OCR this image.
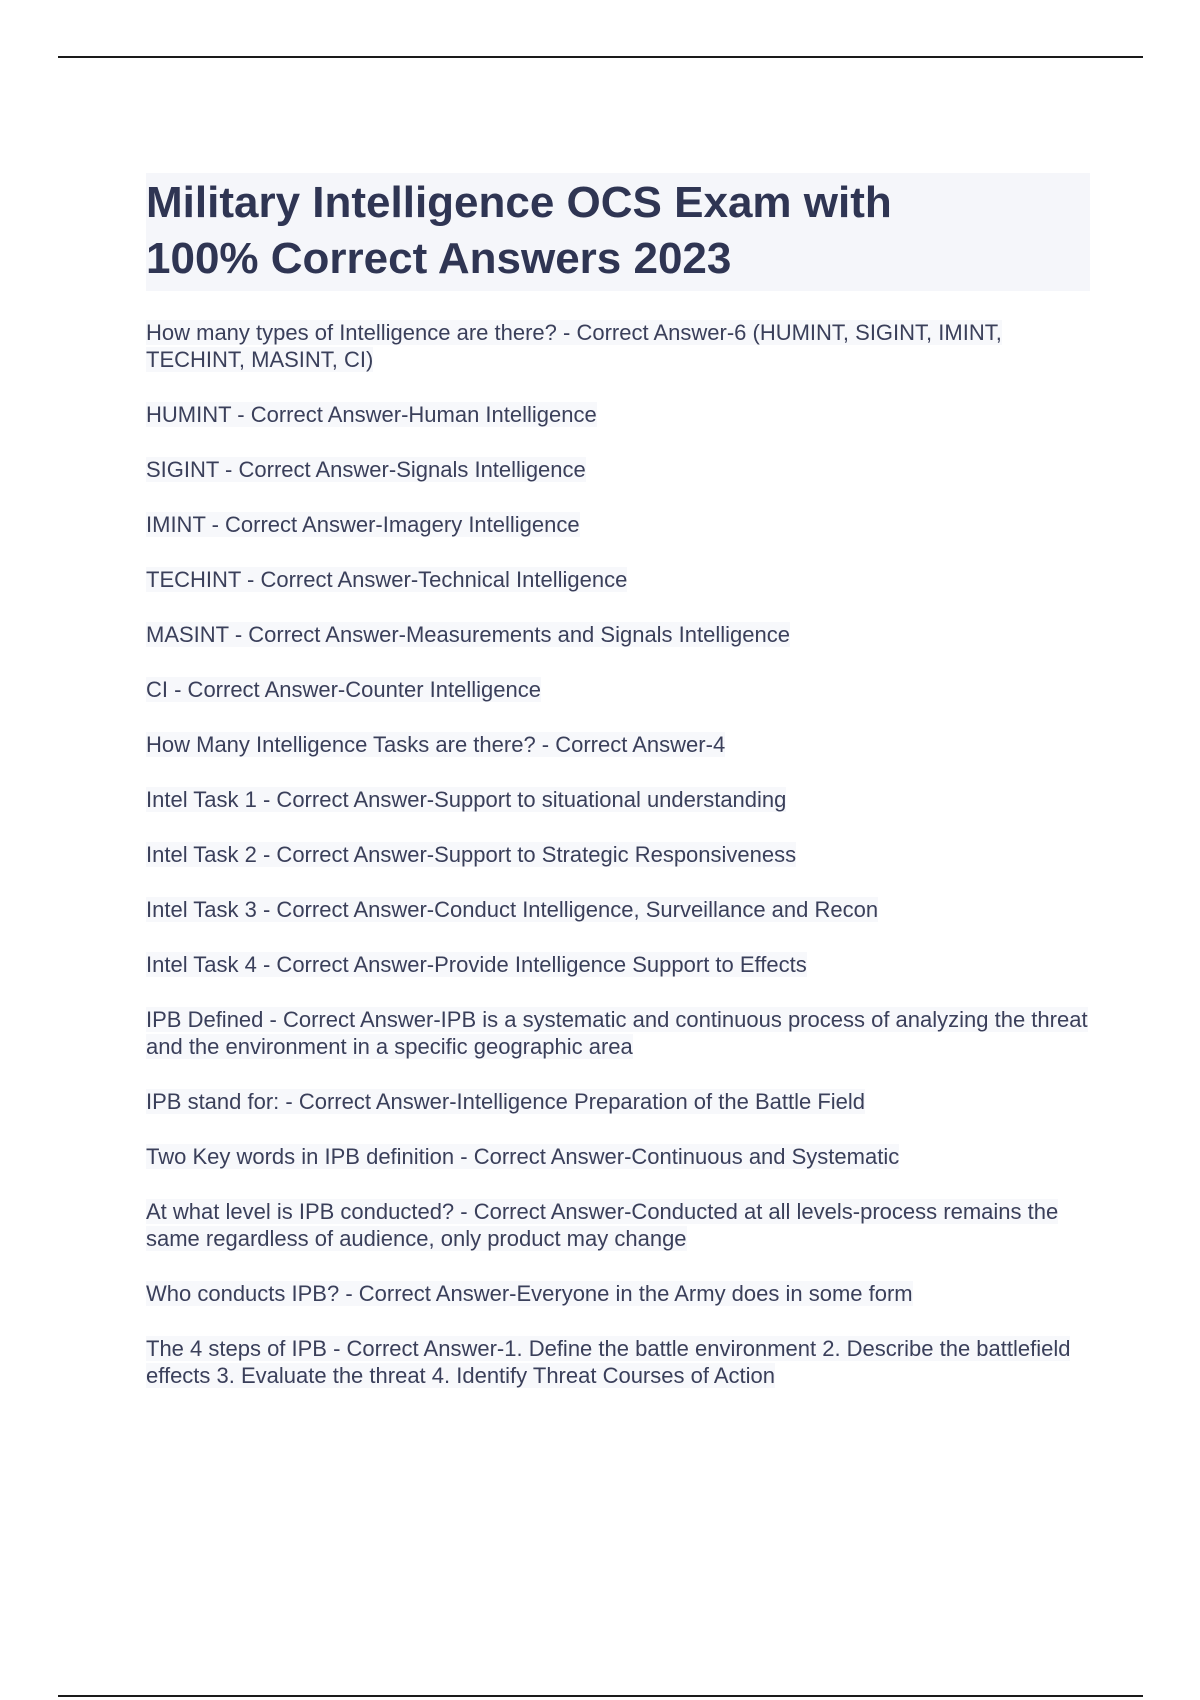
Military Intelligence OCS Exam with
100% Correct Answers 2023

How many types of Intelligence are there? - Correct Answer-6 (HUMINT, SIGINT, IMINT, TECHINT, MASINT, CI)

HUMINT - Correct Answer-Human Intelligence

SIGINT - Correct Answer-Signals Intelligence

IMINT - Correct Answer-Imagery Intelligence

TECHINT - Correct Answer-Technical Intelligence

MASINT - Correct Answer-Measurements and Signals Intelligence

CI - Correct Answer-Counter Intelligence

How Many Intelligence Tasks are there? - Correct Answer-4

Intel Task 1 - Correct Answer-Support to situational understanding

Intel Task 2 - Correct Answer-Support to Strategic Responsiveness

Intel Task 3 - Correct Answer-Conduct Intelligence, Surveillance and Recon

Intel Task 4 - Correct Answer-Provide Intelligence Support to Effects

IPB Defined - Correct Answer-IPB is a systematic and continuous process of analyzing the threat and the environment in a specific geographic area

IPB stand for: - Correct Answer-Intelligence Preparation of the Battle Field

Two Key words in IPB definition - Correct Answer-Continuous and Systematic

At what level is IPB conducted? - Correct Answer-Conducted at all levels-process remains the same regardless of audience, only product may change

Who conducts IPB? - Correct Answer-Everyone in the Army does in some form

The 4 steps of IPB - Correct Answer-1. Define the battle environment 2. Describe the battlefield effects 3. Evaluate the threat 4. Identify Threat Courses of Action
